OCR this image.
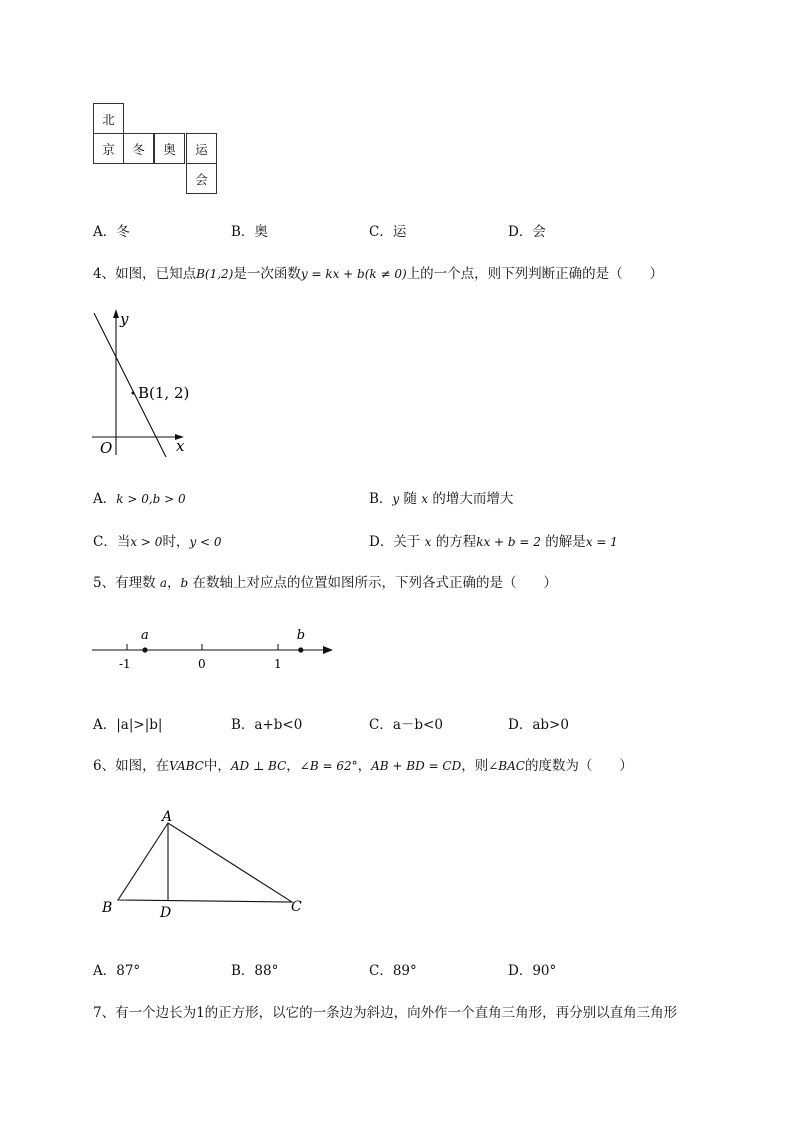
北
京	冬	奥	运
会
A．冬	B．奥	C．运	D．会
4、如图，已知点B(1,2)是一次函数y = kx + b(k ≠ 0)上的一个点，则下列判断正确的是（　　）
y
x
O
B(1, 2)
A．k > 0,b > 0	B．y 随 x 的增大而增大
C．当x > 0时，y < 0	D．关于 x 的方程kx + b = 2 的解是x = 1
5、有理数 a，b 在数轴上对应点的位置如图所示，下列各式正确的是（　　）
-1	0	1
a	b
A．|a|>|b|	B．a+b<0	C．a－b<0	D．ab>0
6、如图，在VABC中，AD ⊥ BC，∠B = 62°，AB + BD = CD，则∠BAC的度数为（　　）
A
B	C
D
A．87°	B．88°	C．89°	D．90°
7、有一个边长为1的正方形，以它的一条边为斜边，向外作一个直角三角形，再分别以直角三角形
